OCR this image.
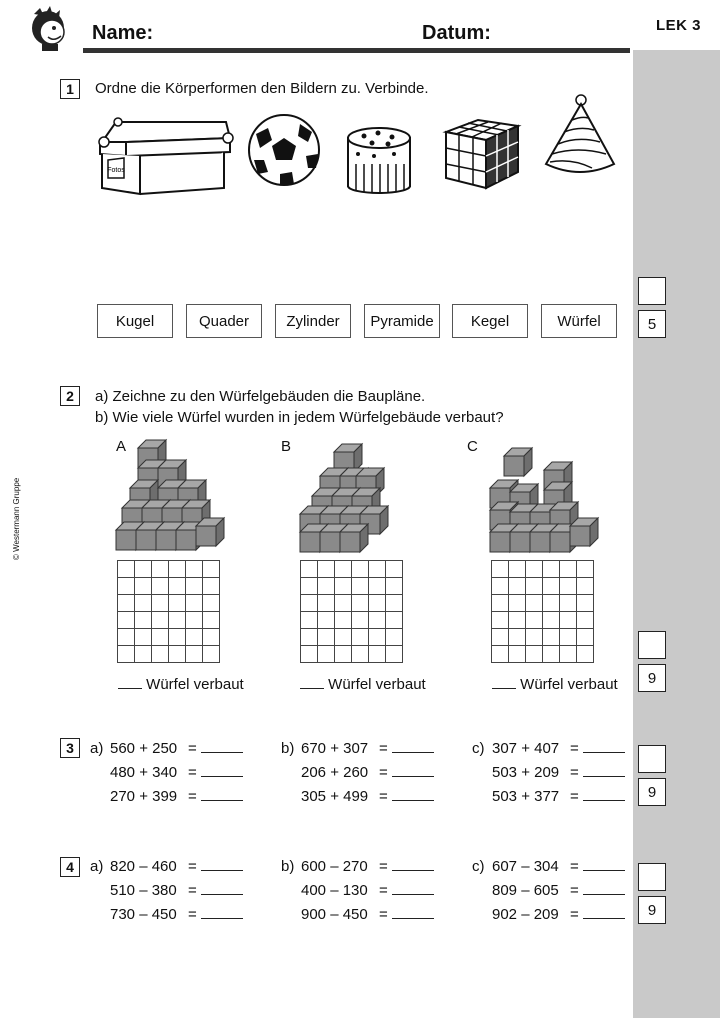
LEK 3
5
9
9
9
Name:	Datum:
© Westermann Gruppe
1	Ordne die Körperformen den Bildern zu. Verbinde.
Fotos
Kugel	Quader	Zylinder	Pyramide	Kegel	Würfel
2	a) Zeichne zu den Würfelgebäuden die Baupläne.
b) Wie viele Würfel wurden in jedem Würfelgebäude verbaut?
A	B	C

Würfel verbaut	Würfel verbaut	Würfel verbaut
3
4
a) 560 + 250 =
480 + 340 =
270 + 399 =
b) 670 + 307 =
206 + 260 =
305 + 499 =
c) 307 + 407 =
503 + 209 =
503 + 377 =
a) 820 – 460 =
510 – 380 =
730 – 450 =
b) 600 – 270 =
400 – 130 =
900 – 450 =
c) 607 – 304 =
809 – 605 =
902 – 209 =
